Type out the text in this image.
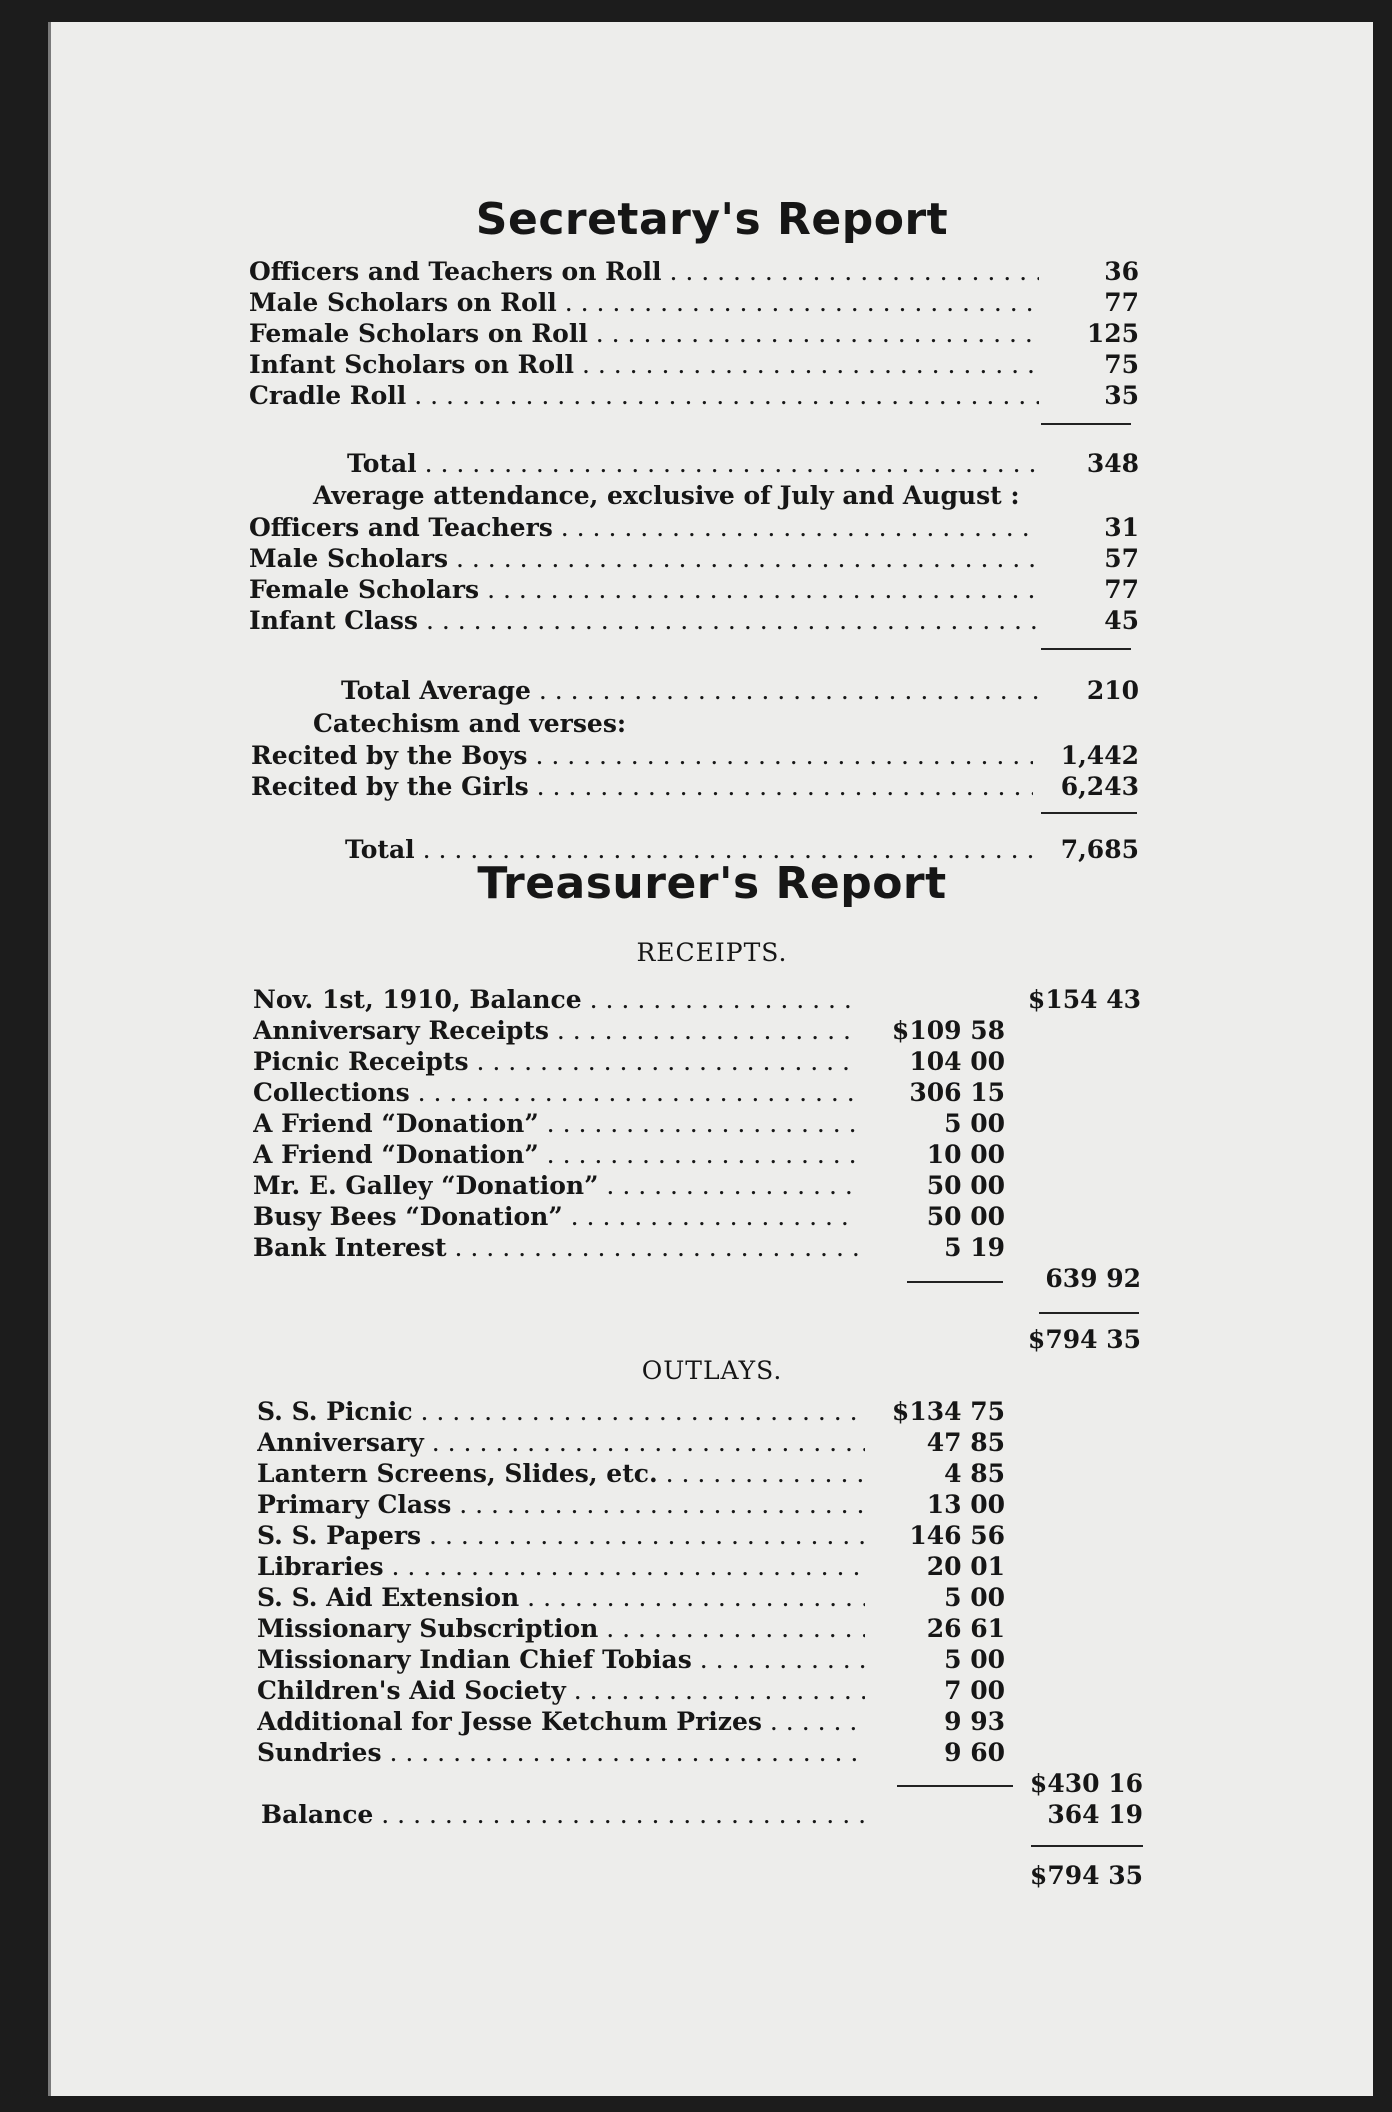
Secretary's Report
Officers and Teachers on Roll . . .	36
Male Scholars on Roll . . .	77
Female Scholars on Roll . . .	125
Infant Scholars on Roll . . .	75
Cradle Roll . . .	35
Total . . .	348
Average attendance, exclusive of July and August :
Officers and Teachers . . .	31
Male Scholars . . .	57
Female Scholars . . .	77
Infant Class . . .	45
Total Average . . .	210
Catechism and verses:
Recited by the Boys . . .	1,442
Recited by the Girls . . .	6,243
Total . . .	7,685
Treasurer's Report
RECEIPTS.
Nov. 1st, 1910, Balance . . .	$154 43
Anniversary Receipts . . .	$109 58
Picnic Receipts . . .	104 00
Collections . . .	306 15
A Friend “Donation” . . .	5 00
A Friend “Donation” . . .	10 00
Mr. E. Galley “Donation” . . .	50 00
Busy Bees “Donation” . . .	50 00
Bank Interest . . .	5 19
639 92
$794 35
OUTLAYS.
S. S. Picnic . . .	$134 75
Anniversary . . .	47 85
Lantern Screens, Slides, etc. . . .	4 85
Primary Class . . .	13 00
S. S. Papers . . .	146 56
Libraries . . .	20 01
S. S. Aid Extension . . .	5 00
Missionary Subscription . . .	26 61
Missionary Indian Chief Tobias . . .	5 00
Children's Aid Society . . .	7 00
Additional for Jesse Ketchum Prizes . . .	9 93
Sundries . . .	9 60
$430 16
Balance . . .	364 19
$794 35
